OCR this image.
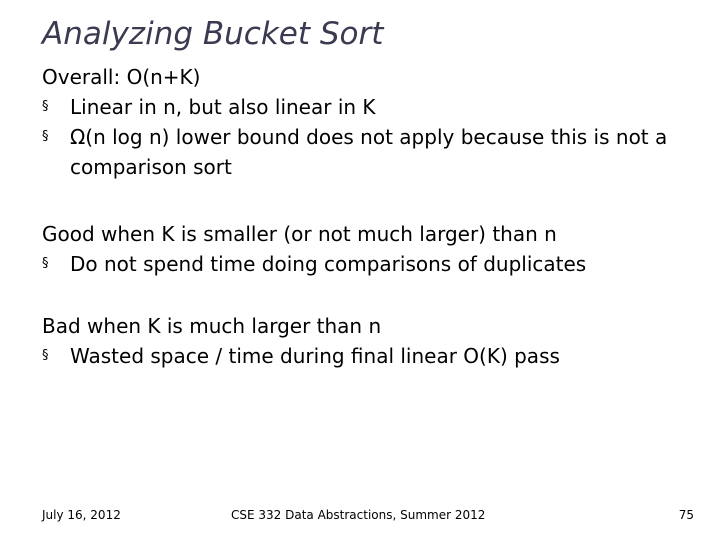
Analyzing Bucket Sort
Overall: O(n+K)
§ Linear in n, but also linear in K
§ Ω(n log n) lower bound does not apply because this is not a comparison sort
Good when K is smaller (or not much larger) than n
§ Do not spend time doing comparisons of duplicates
Bad when K is much larger than n
§ Wasted space / time during final linear O(K) pass
July 16, 2012	CSE 332 Data Abstractions, Summer 2012	75
